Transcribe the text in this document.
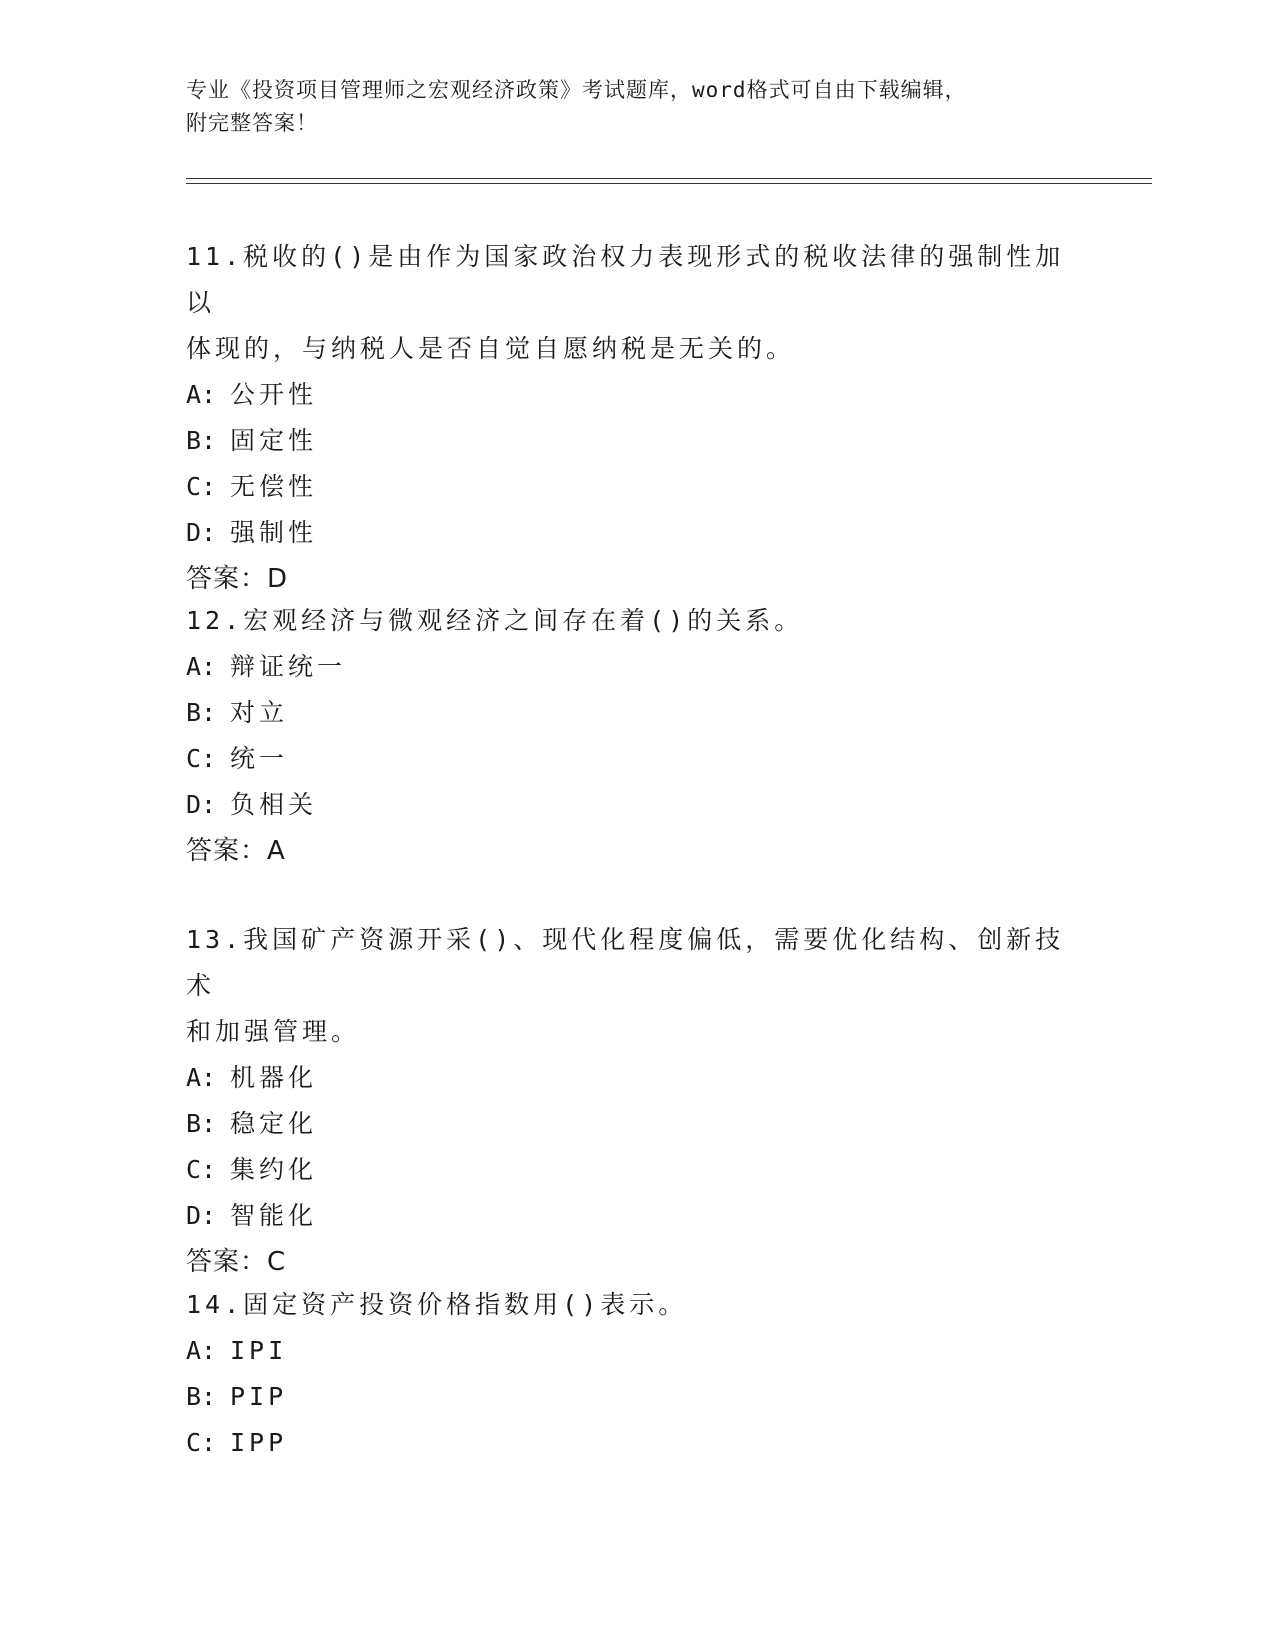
专业《投资项目管理师之宏观经济政策》考试题库，word格式可自由下载编辑，
附完整答案！
11.税收的()是由作为国家政治权力表现形式的税收法律的强制性加以
体现的，与纳税人是否自觉自愿纳税是无关的。
A: 公开性
B: 固定性
C: 无偿性
D: 强制性
答案：D
12.宏观经济与微观经济之间存在着()的关系。
A: 辩证统一
B: 对立
C: 统一
D: 负相关
答案：A
13.我国矿产资源开采()、现代化程度偏低，需要优化结构、创新技术
和加强管理。
A: 机器化
B: 稳定化
C: 集约化
D: 智能化
答案：C
14.固定资产投资价格指数用()表示。
A: IPI
B: PIP
C: IPP
